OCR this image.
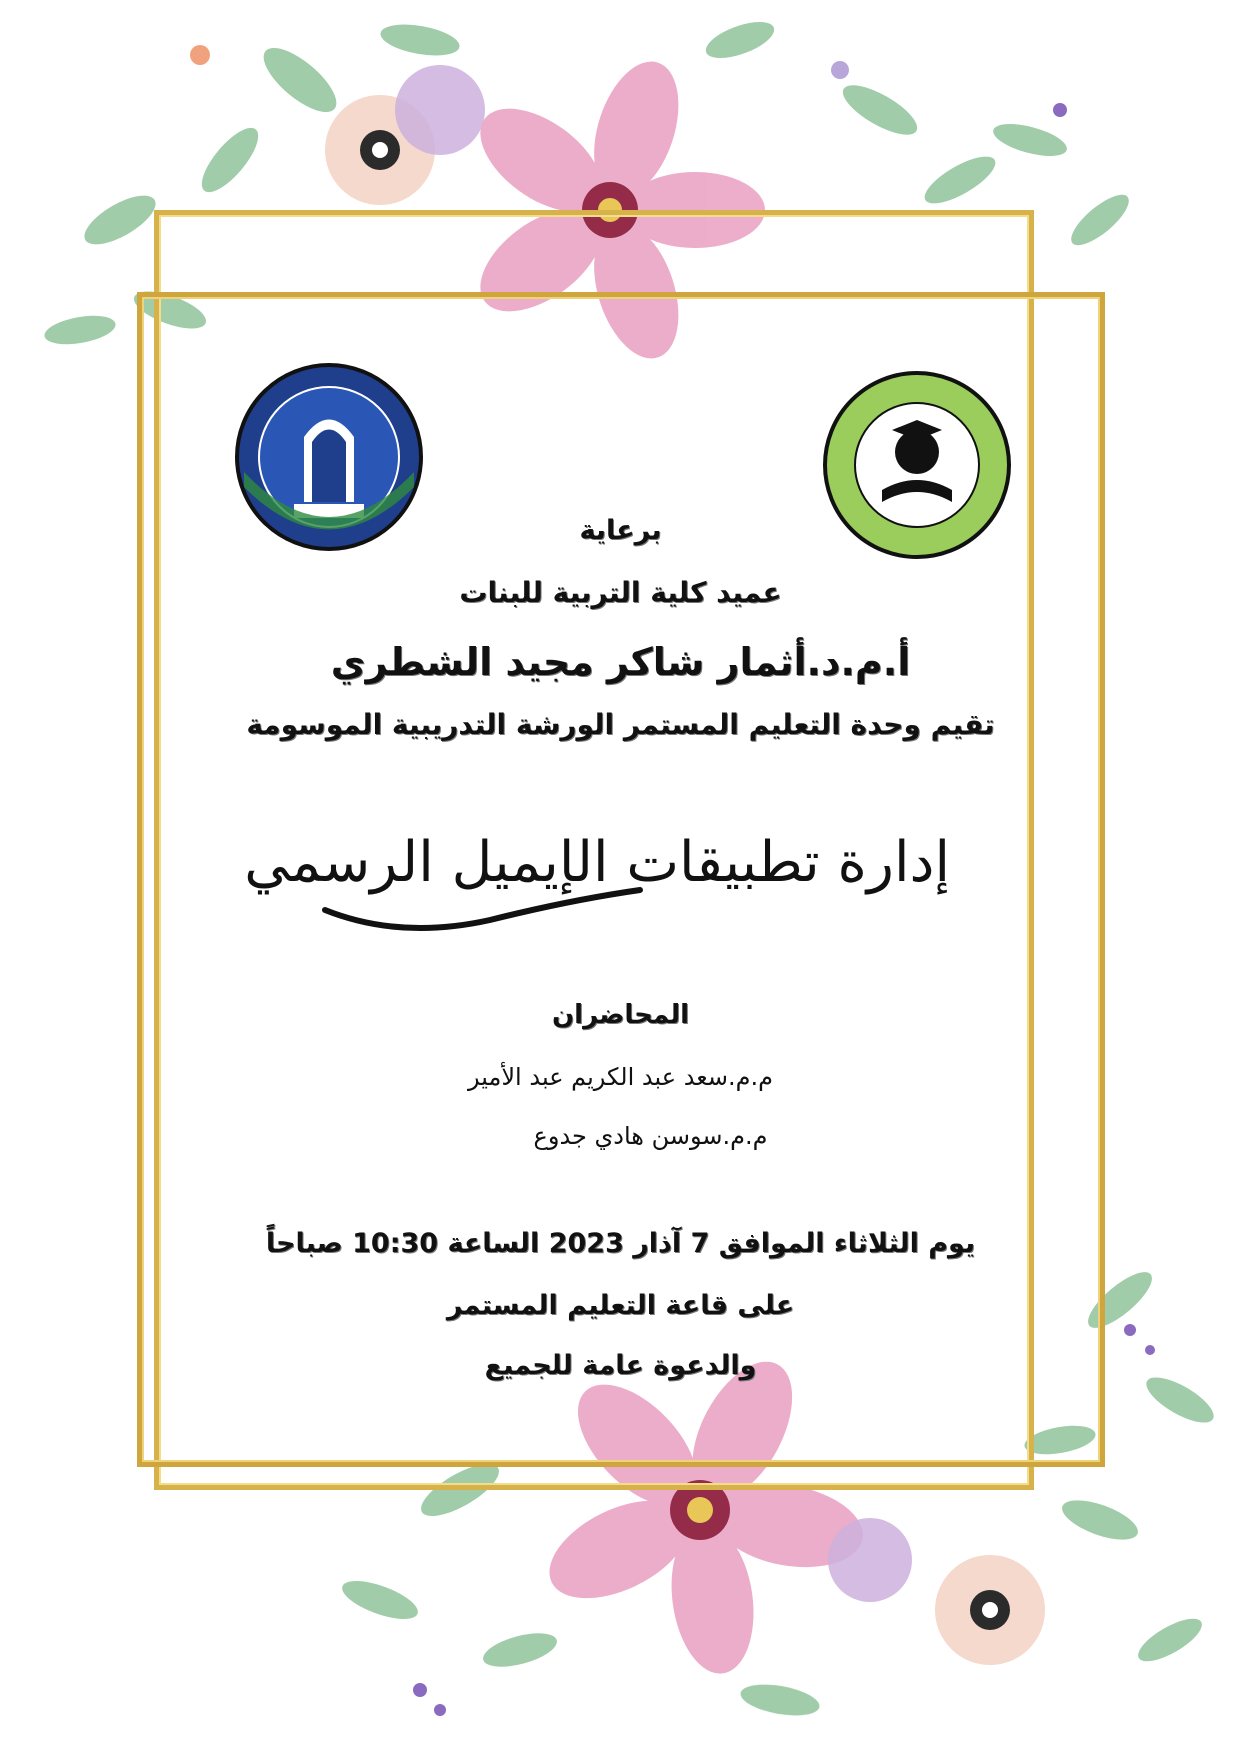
برعاية
عميد كلية التربية للبنات
أ.م.د.أثمار شاكر مجيد الشطري
تقيم وحدة التعليم المستمر الورشة التدريبية الموسومة
إدارة تطبيقات الإيميل الرسمي
المحاضران
م.م.سعد عبد الكريم عبد الأمير
م.م.سوسن هادي جدوع
يوم الثلاثاء الموافق 7 آذار 2023 الساعة 10:30 صباحاً
على قاعة التعليم المستمر
والدعوة عامة للجميع
